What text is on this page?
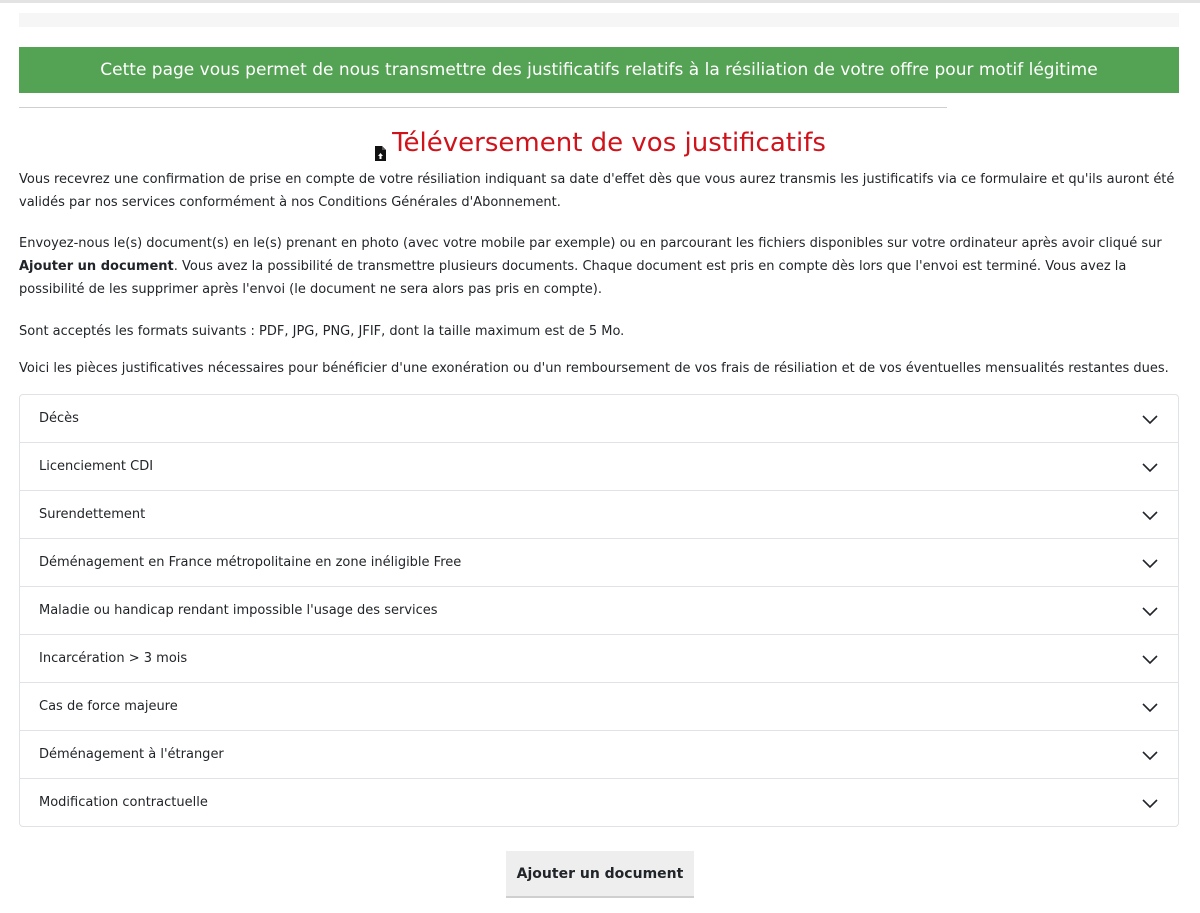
Cette page vous permet de nous transmettre des justificatifs relatifs à la résiliation de votre offre pour motif légitime
Téléversement de vos justificatifs

Vous recevrez une confirmation de prise en compte de votre résiliation indiquant sa date d'effet dès que vous aurez transmis les justificatifs via ce formulaire et qu'ils auront été validés par nos services conformément à nos Conditions Générales d'Abonnement.

Envoyez-nous le(s) document(s) en le(s) prenant en photo (avec votre mobile par exemple) ou en parcourant les fichiers disponibles sur votre ordinateur après avoir cliqué sur Ajouter un document. Vous avez la possibilité de transmettre plusieurs documents. Chaque document est pris en compte dès lors que l'envoi est terminé. Vous avez la possibilité de les supprimer après l'envoi (le document ne sera alors pas pris en compte).

Sont acceptés les formats suivants : PDF, JPG, PNG, JFIF, dont la taille maximum est de 5 Mo.

Voici les pièces justificatives nécessaires pour bénéficier d'une exonération ou d'un remboursement de vos frais de résiliation et de vos éventuelles mensualités restantes dues.

Décès
Licenciement CDI
Surendettement
Déménagement en France métropolitaine en zone inéligible Free
Maladie ou handicap rendant impossible l'usage des services
Incarcération > 3 mois
Cas de force majeure
Déménagement à l'étranger
Modification contractuelle
Ajouter un document
